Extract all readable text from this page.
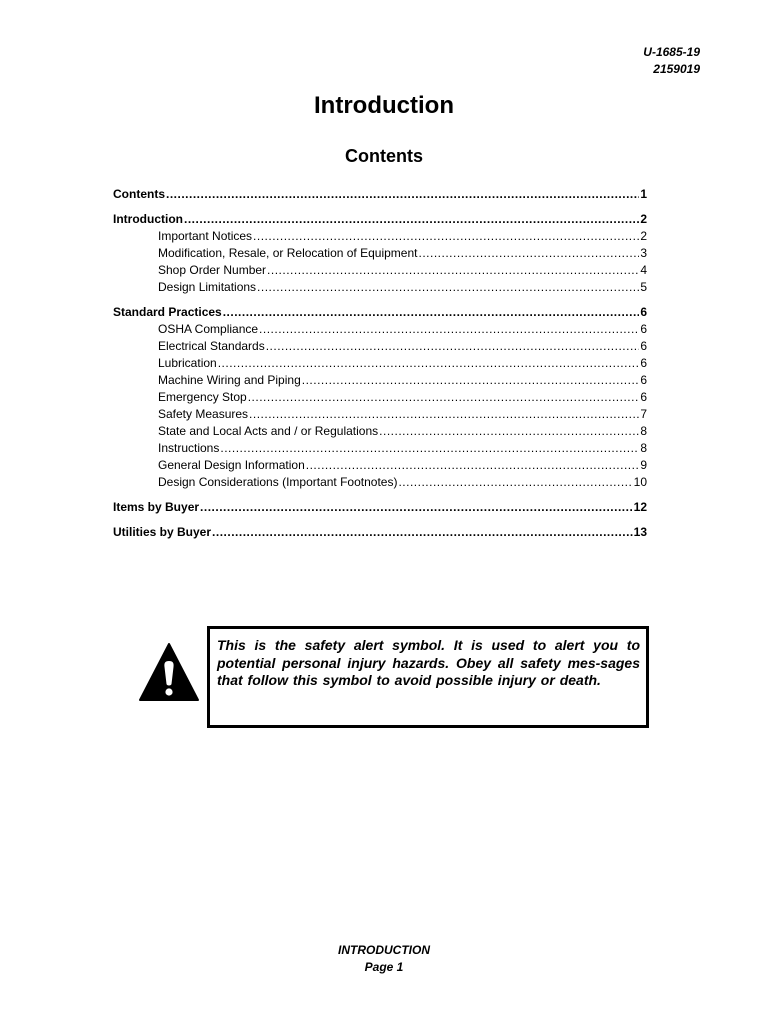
U-1685-19
2159019
Introduction
Contents
Contents .....	1
Introduction .....	2
Important Notices .....	2
Modification, Resale, or Relocation of Equipment .....	3
Shop Order Number .....	4
Design Limitations .....	5
Standard Practices .....	6
OSHA Compliance .....	6
Electrical Standards .....	6
Lubrication .....	6
Machine Wiring and Piping .....	6
Emergency Stop .....	6
Safety Measures .....	7
State and Local Acts and / or Regulations .....	8
Instructions .....	8
General Design Information .....	9
Design Considerations (Important Footnotes) .....	10
Items by Buyer .....	12
Utilities by Buyer .....	13

This is the safety alert symbol. It is used to alert you to potential personal injury hazards. Obey all safety mes-sages that follow this symbol to avoid possible injury or death.

INTRODUCTION
Page 1
